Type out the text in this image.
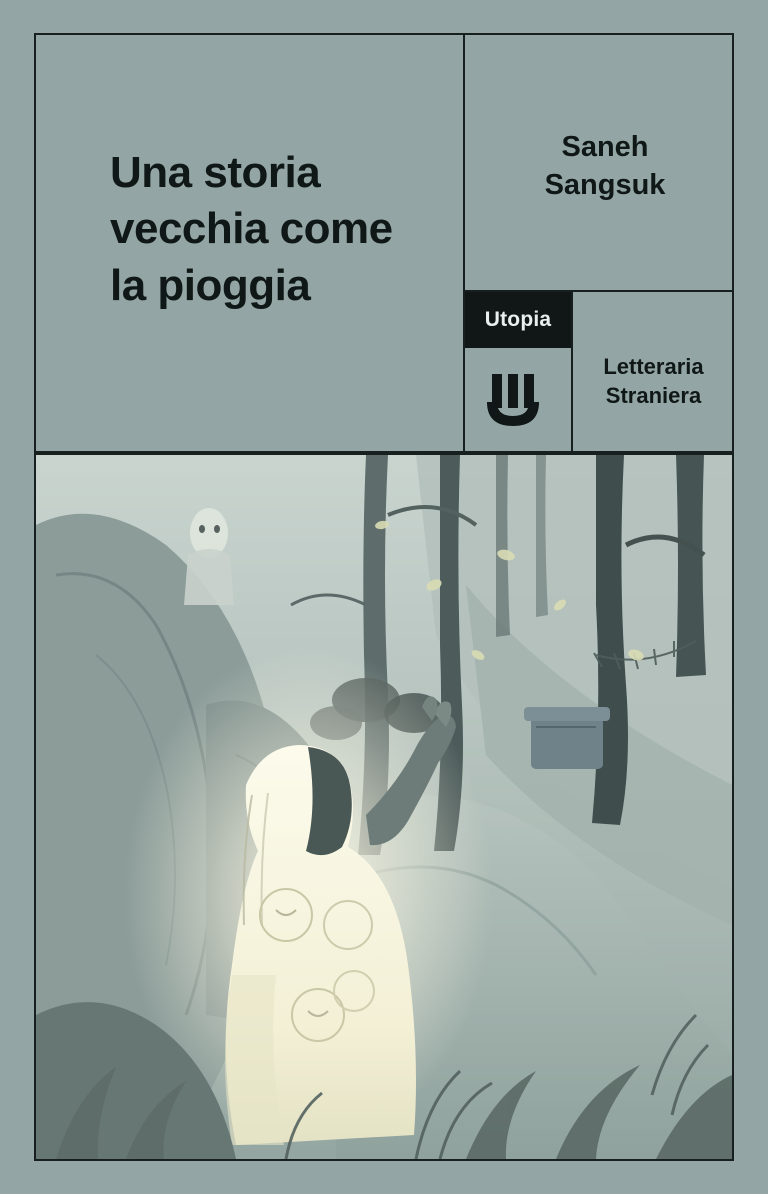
Una storia
vecchia come
la pioggia
Saneh
Sangsuk
Utopia
Letteraria
Straniera
